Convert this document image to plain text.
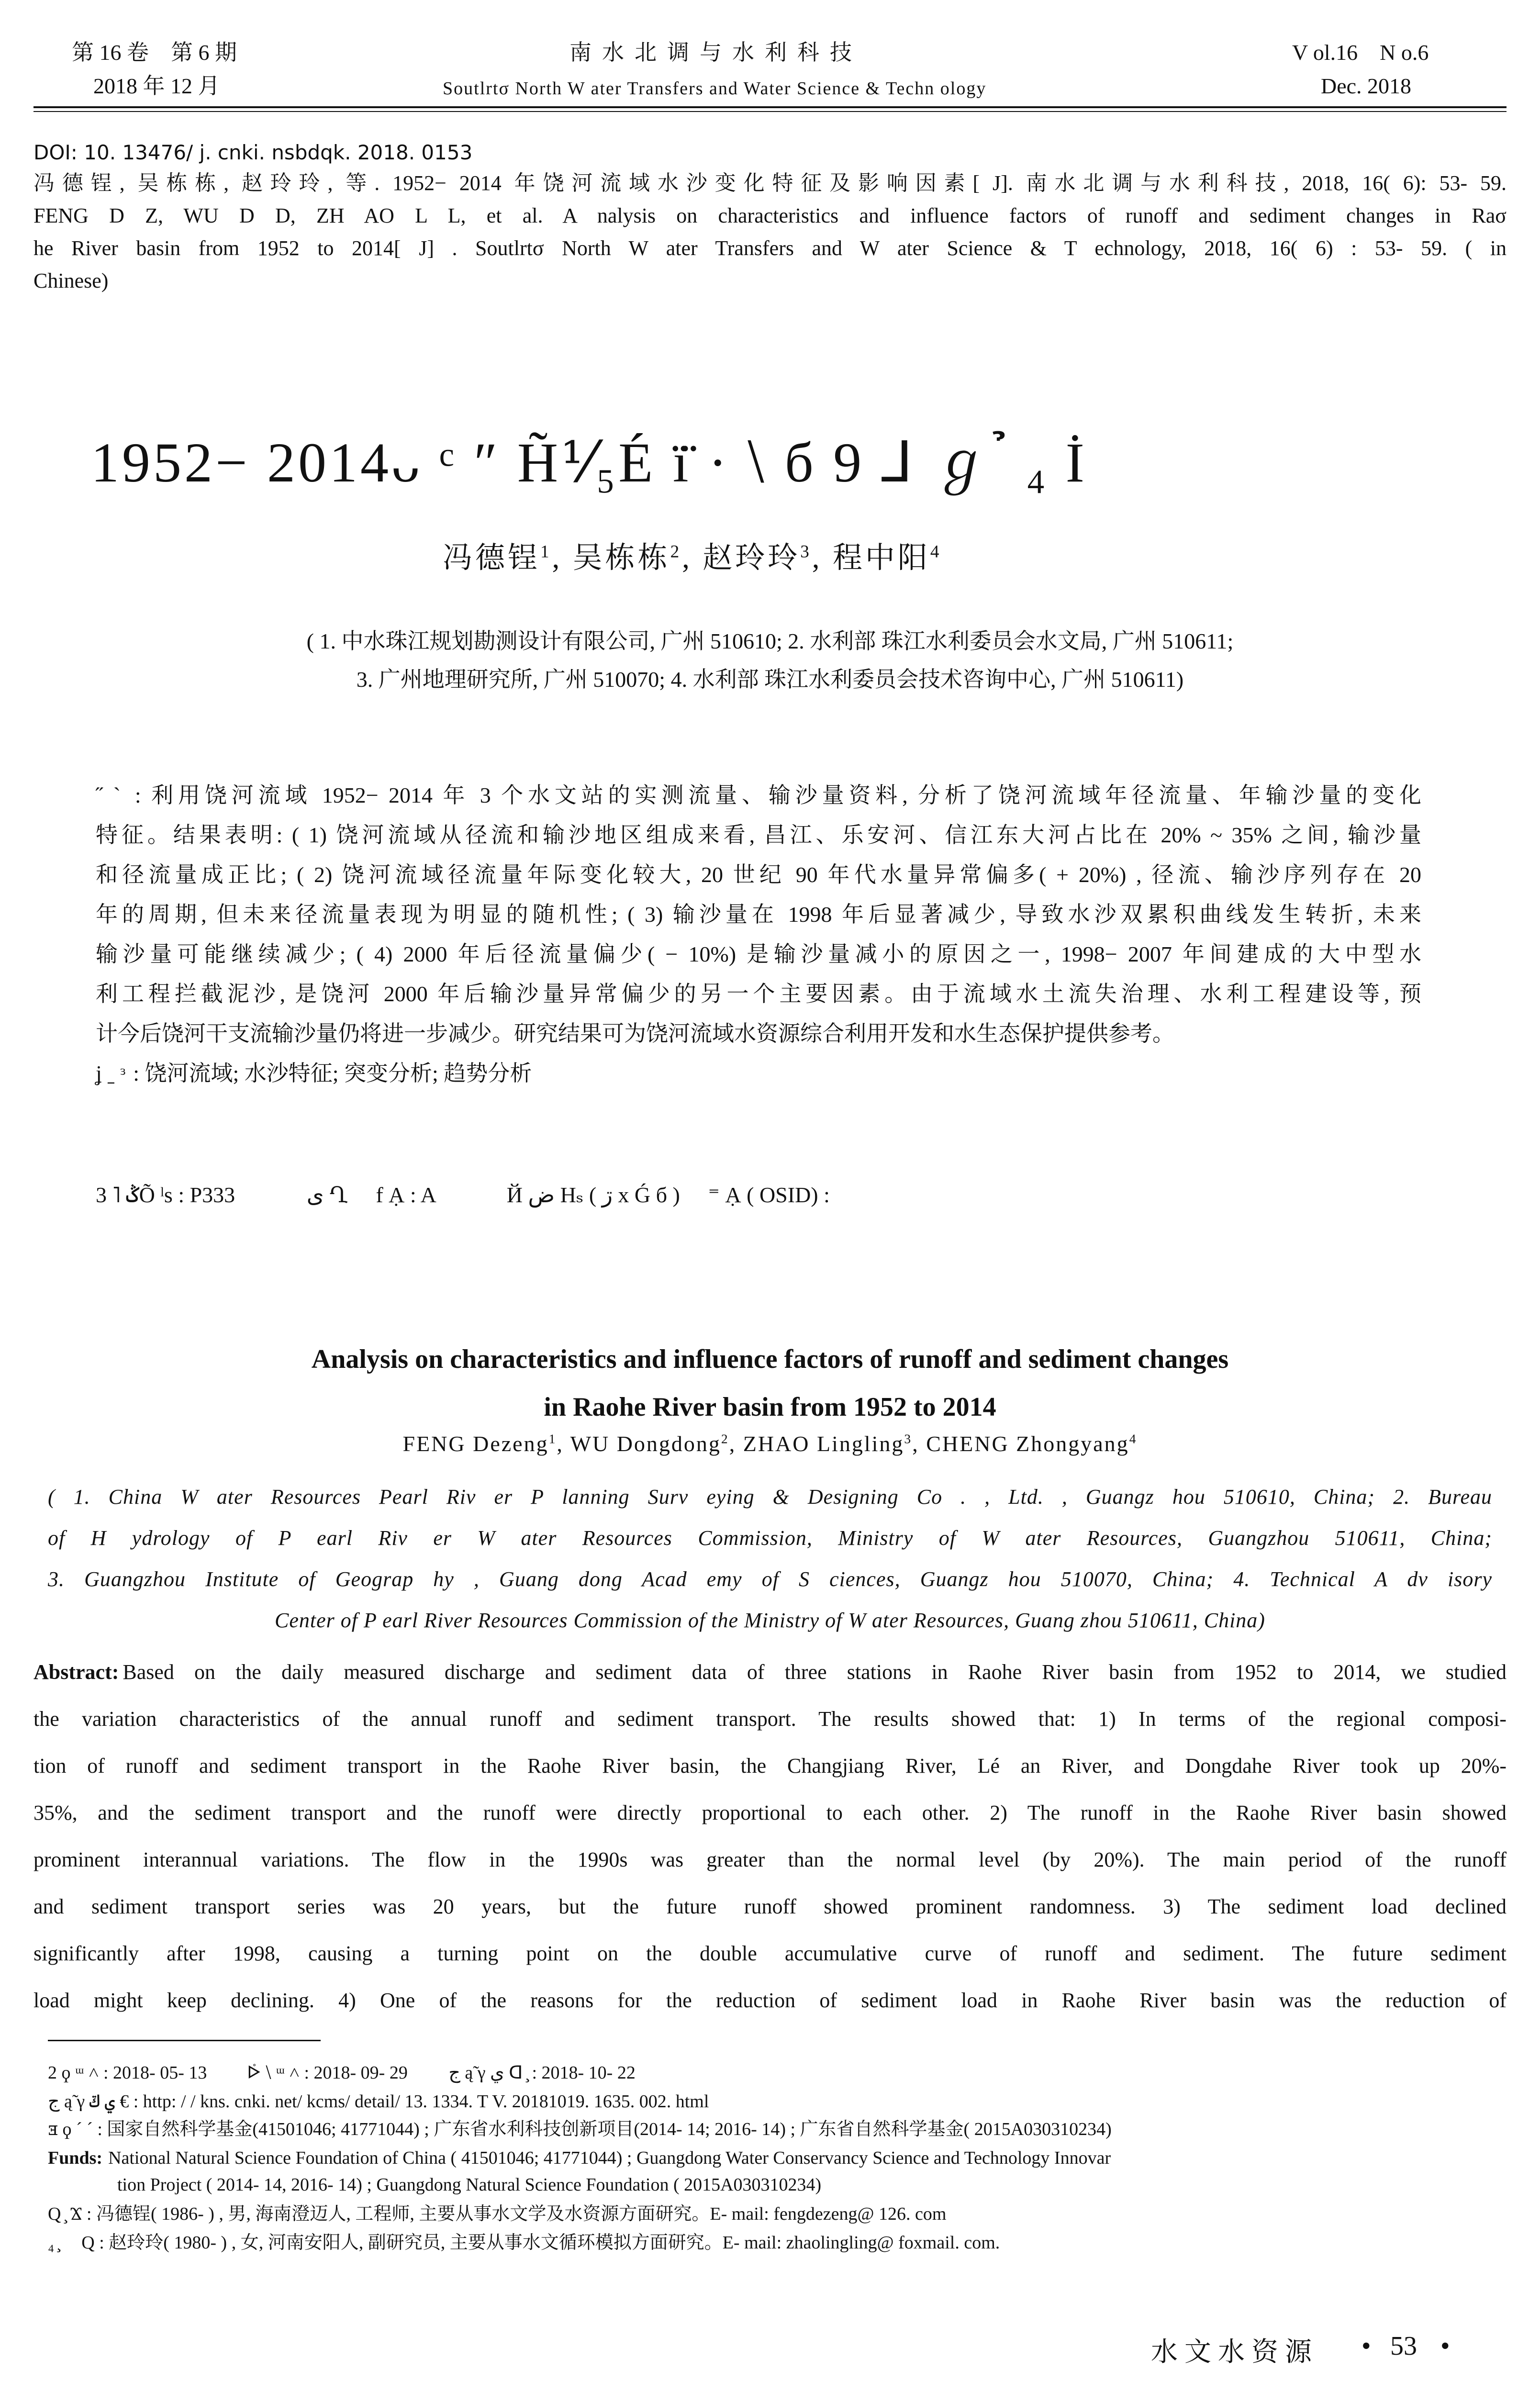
第 16 卷　第 6 期
2018 年 12 月
南水北调与水利科技
Soutlrtσ North W ater Transfers and Water Science & Techn ology
V ol.16　N o.6
Dec. 2018
DOI: 10. 13476/ j. cnki. nsbdqk. 2018. 0153
冯德锃, 吴栋栋, 赵玲玲, 等. 1952− 2014 年饶河流域水沙变化特征及影响因素[ J]. 南水北调与水利科技, 2018, 16( 6): 53- 59.
FENG D Z, WU D D, ZH AO L L, et al. A nalysis on characteristics and influence factors of runoff and sediment changes in Raσ
he River basin from 1952 to 2014[ J] . Soutlrtσ North W ater Transfers and W ater Science & T echnology, 2018, 16( 6) : 53- 59. ( in
Chinese)
1952− 2014ᴗ ᶜ ″ H̃⅟₅É ï̈ · ⧵ б 9 ⅃ ℊ ̉ ₄ İ
冯德锃$^1$, 吴栋栋$^2$, 赵玲玲$^3$, 程中阳$^4$
( 1. 中水珠江规划勘测设计有限公司, 广州 510610; 2. 水利部 珠江水利委员会水文局, 广州 510611;
3. 广州地理研究所, 广州 510070; 4. 水利部 珠江水利委员会技术咨询中心, 广州 510611)
˝ ˋ : 利用饶河流域 1952− 2014 年 3 个水文站的实测流量、输沙量资料, 分析了饶河流域年径流量、年输沙量的变化
特征。结果表明: ( 1) 饶河流域从径流和输沙地区组成来看, 昌江、乐安河、信江东大河占比在 20% ~ 35% 之间, 输沙量
和径流量成正比; ( 2) 饶河流域径流量年际变化较大, 20 世纪 90 年代水量异常偏多( + 20%) , 径流、输沙序列存在 20
年的周期, 但未来径流量表现为明显的随机性; ( 3) 输沙量在 1998 年后显著减少, 导致水沙双累积曲线发生转折, 未来
输沙量可能继续减少; ( 4) 2000 年后径流量偏少( − 10%) 是输沙量减小的原因之一, 1998− 2007 年间建成的大中型水
利工程拦截泥沙, 是饶河 2000 年后输沙量异常偏少的另一个主要因素。由于流域水土流失治理、水利工程建设等, 预
计今后饶河干支流输沙量仍将进一步减少。研究结果可为饶河流域水资源综合利用开发和水生态保护提供参考。
ʝ ˍ ᵌ : 饶河流域; 水沙特征; 突变分析; 趋势分析
3 ˥ ݣÕ ˡs : P333　　　 ی Ղ ⃞ f Ạ : A　　　 Й ض Hₛ ( ڗ x Ǵ б ) ⃞ ⁼ Ạ ( OSID) :
Analysis on characteristics and influence factors of runoff and sediment changes
in Raohe River basin from 1952 to 2014
FENG Dezeng$^1$, WU Dongdong$^2$, ZHAO Lingling$^3$, CHENG Zhongyang$^4$
( 1. China W ater Resources Pearl Riv er P lanning Surv eying & Designing Co . , Ltd. , Guangz hou 510610, China; 2. Bureau
of H ydrology of P earl Riv er W ater Resources Commission, Ministry of W ater Resources, Guangzhou 510611, China;
3. Guangzhou Institute of Geograp hy , Guang dong Acad emy of S ciences, Guangz hou 510070, China; 4. Technical A dv isory
Center of P earl River Resources Commission of the Ministry of W ater Resources, Guang zhou 510611, China)
Abstract: Based on the daily measured discharge and sediment data of three stations in Raohe River basin from 1952 to 2014, we studied
the variation characteristics of the annual runoff and sediment transport. The results showed that: 1) In terms of the regional composi-
tion of runoff and sediment transport in the Raohe River basin, the Changjiang River, Lé an River, and Dongdahe River took up 20%-
35%, and the sediment transport and the runoff were directly proportional to each other. 2) The runoff in the Raohe River basin showed
prominent interannual variations. The flow in the 1990s was greater than the normal level (by 20%). The main period of the runoff
and sediment transport series was 20 years, but the future runoff showed prominent randomness. 3) The sediment load declined
significantly after 1998, causing a turning point on the double accumulative curve of runoff and sediment. The future sediment
load might keep declining. 4) One of the reasons for the reduction of sediment load in Raohe River basin was the reduction of
2 ϙ ᵚ ˄ : 2018- 05- 13　　 ᢰ ⧵ ᵚ ˄ : 2018- 09- 29　　 ج ą̃ γ ي ᗡ ̧ : 2018- 10- 22
ج ą̃ γ ي ݿ € : http: / / kns. cnki. net/ kcms/ detail/ 13. 1334. T V. 20181019. 1635. 002. html
ⱻ ϙ ˊ ˊ : 国家自然科学基金(41501046; 41771044) ; 广东省水利科技创新项目(2014- 14; 2016- 14) ; 广东省自然科学基金( 2015A030310234)
Funds: National Natural Science Foundation of China ( 41501046; 41771044) ; Guangdong Water Conservancy Science and Technology Innovar
tion Project ( 2014- 14, 2016- 14) ; Guangdong Natural Science Foundation ( 2015A030310234)
Q ̧ Ϫ : 冯德锃( 1986- ) , 男, 海南澄迈人, 工程师, 主要从事水文学及水资源方面研究。E- mail: fengdezeng@ 126. com
₄ ̧ 　Q : 赵玲玲( 1980- ) , 女, 河南安阳人, 副研究员, 主要从事水文循环模拟方面研究。E- mail: zhaolingling@ foxmail. com.
水文水资源 • 53 •
